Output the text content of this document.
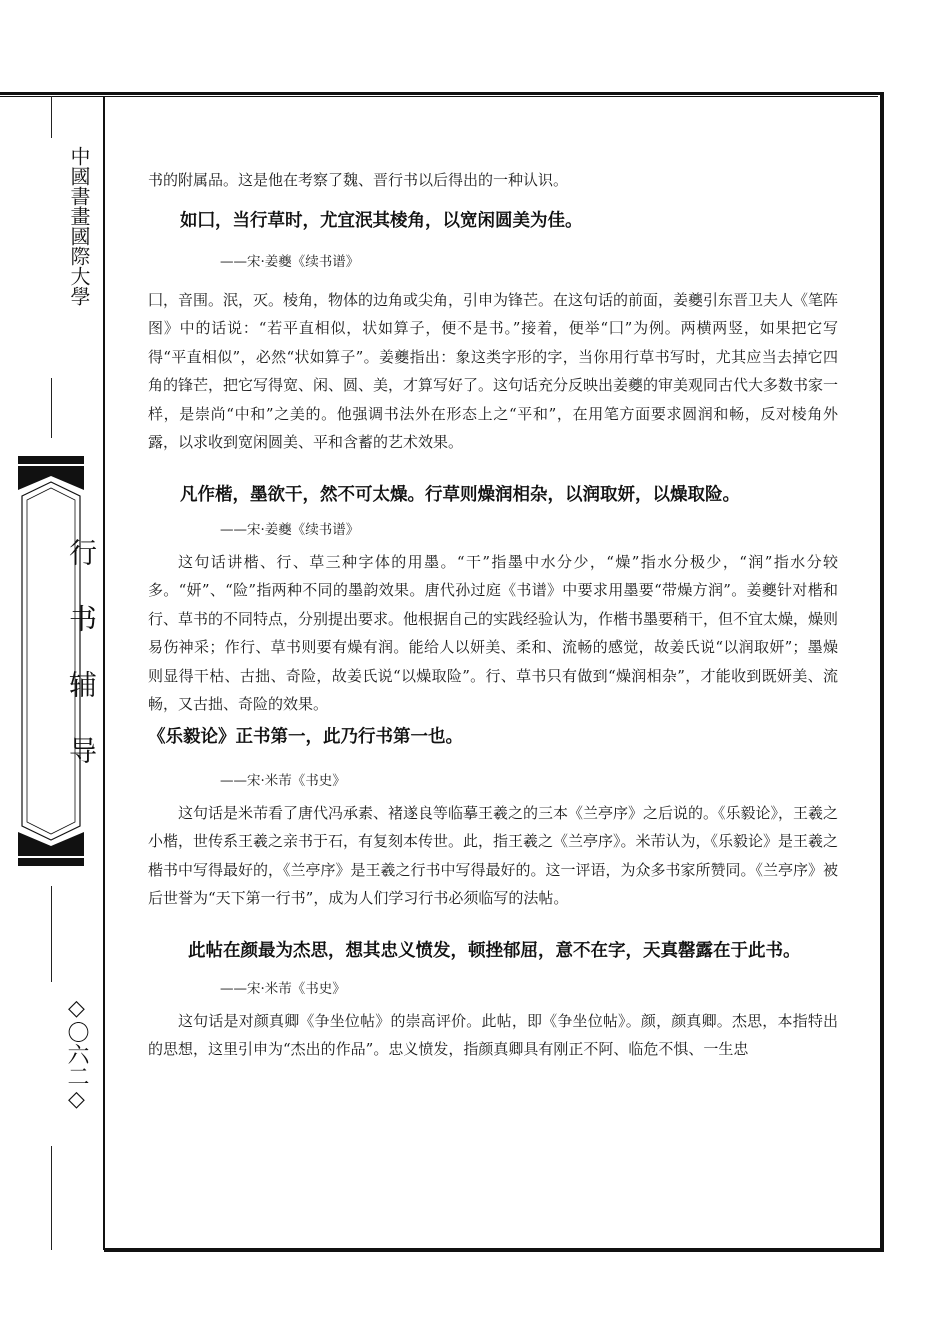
中國書畫國際大學
行书辅导
◇〇六二◇

书的附属品。这是他在考察了魏、晋行书以后得出的一种认识。

如囗，当行草时，尤宜泯其棱角，以宽闲圆美为佳。

——宋·姜夔《续书谱》

囗，音围。泯，灭。棱角，物体的边角或尖角，引申为锋芒。在这句话的前面，姜夔引东晋卫夫人《笔阵图》中的话说：“若平直相似，状如算子，便不是书。”接着，便举“囗”为例。两横两竖，如果把它写得“平直相似”，必然“状如算子”。姜夔指出：象这类字形的字，当你用行草书写时，尤其应当去掉它四角的锋芒，把它写得宽、闲、圆、美，才算写好了。这句话充分反映出姜夔的审美观同古代大多数书家一样，是崇尚“中和”之美的。他强调书法外在形态上之“平和”，在用笔方面要求圆润和畅，反对棱角外露，以求收到宽闲圆美、平和含蓄的艺术效果。

凡作楷，墨欲干，然不可太燥。行草则燥润相杂，以润取妍，以燥取险。

——宋·姜夔《续书谱》

这句话讲楷、行、草三种字体的用墨。“干”指墨中水分少，“燥”指水分极少，“润”指水分较多。“妍”、“险”指两种不同的墨韵效果。唐代孙过庭《书谱》中要求用墨要“带燥方润”。姜夔针对楷和行、草书的不同特点，分别提出要求。他根据自己的实践经验认为，作楷书墨要稍干，但不宜太燥，燥则易伤神采；作行、草书则要有燥有润。能给人以妍美、柔和、流畅的感觉，故姜氏说“以润取妍”；墨燥则显得干枯、古拙、奇险，故姜氏说“以燥取险”。行、草书只有做到“燥润相杂”，才能收到既妍美、流畅，又古拙、奇险的效果。

《乐毅论》正书第一，此乃行书第一也。

——宋·米芾《书史》

这句话是米芾看了唐代冯承素、褚遂良等临摹王羲之的三本《兰亭序》之后说的。《乐毅论》，王羲之小楷，世传系王羲之亲书于石，有复刻本传世。此，指王羲之《兰亭序》。米芾认为，《乐毅论》是王羲之楷书中写得最好的，《兰亭序》是王羲之行书中写得最好的。这一评语，为众多书家所赞同。《兰亭序》被后世誉为“天下第一行书”，成为人们学习行书必须临写的法帖。

此帖在颜最为杰思，想其忠义愤发，顿挫郁屈，意不在字，天真罄露在于此书。

——宋·米芾《书史》

这句话是对颜真卿《争坐位帖》的崇高评价。此帖，即《争坐位帖》。颜，颜真卿。杰思，本指特出的思想，这里引申为“杰出的作品”。忠义愤发，指颜真卿具有刚正不阿、临危不惧、一生忠
